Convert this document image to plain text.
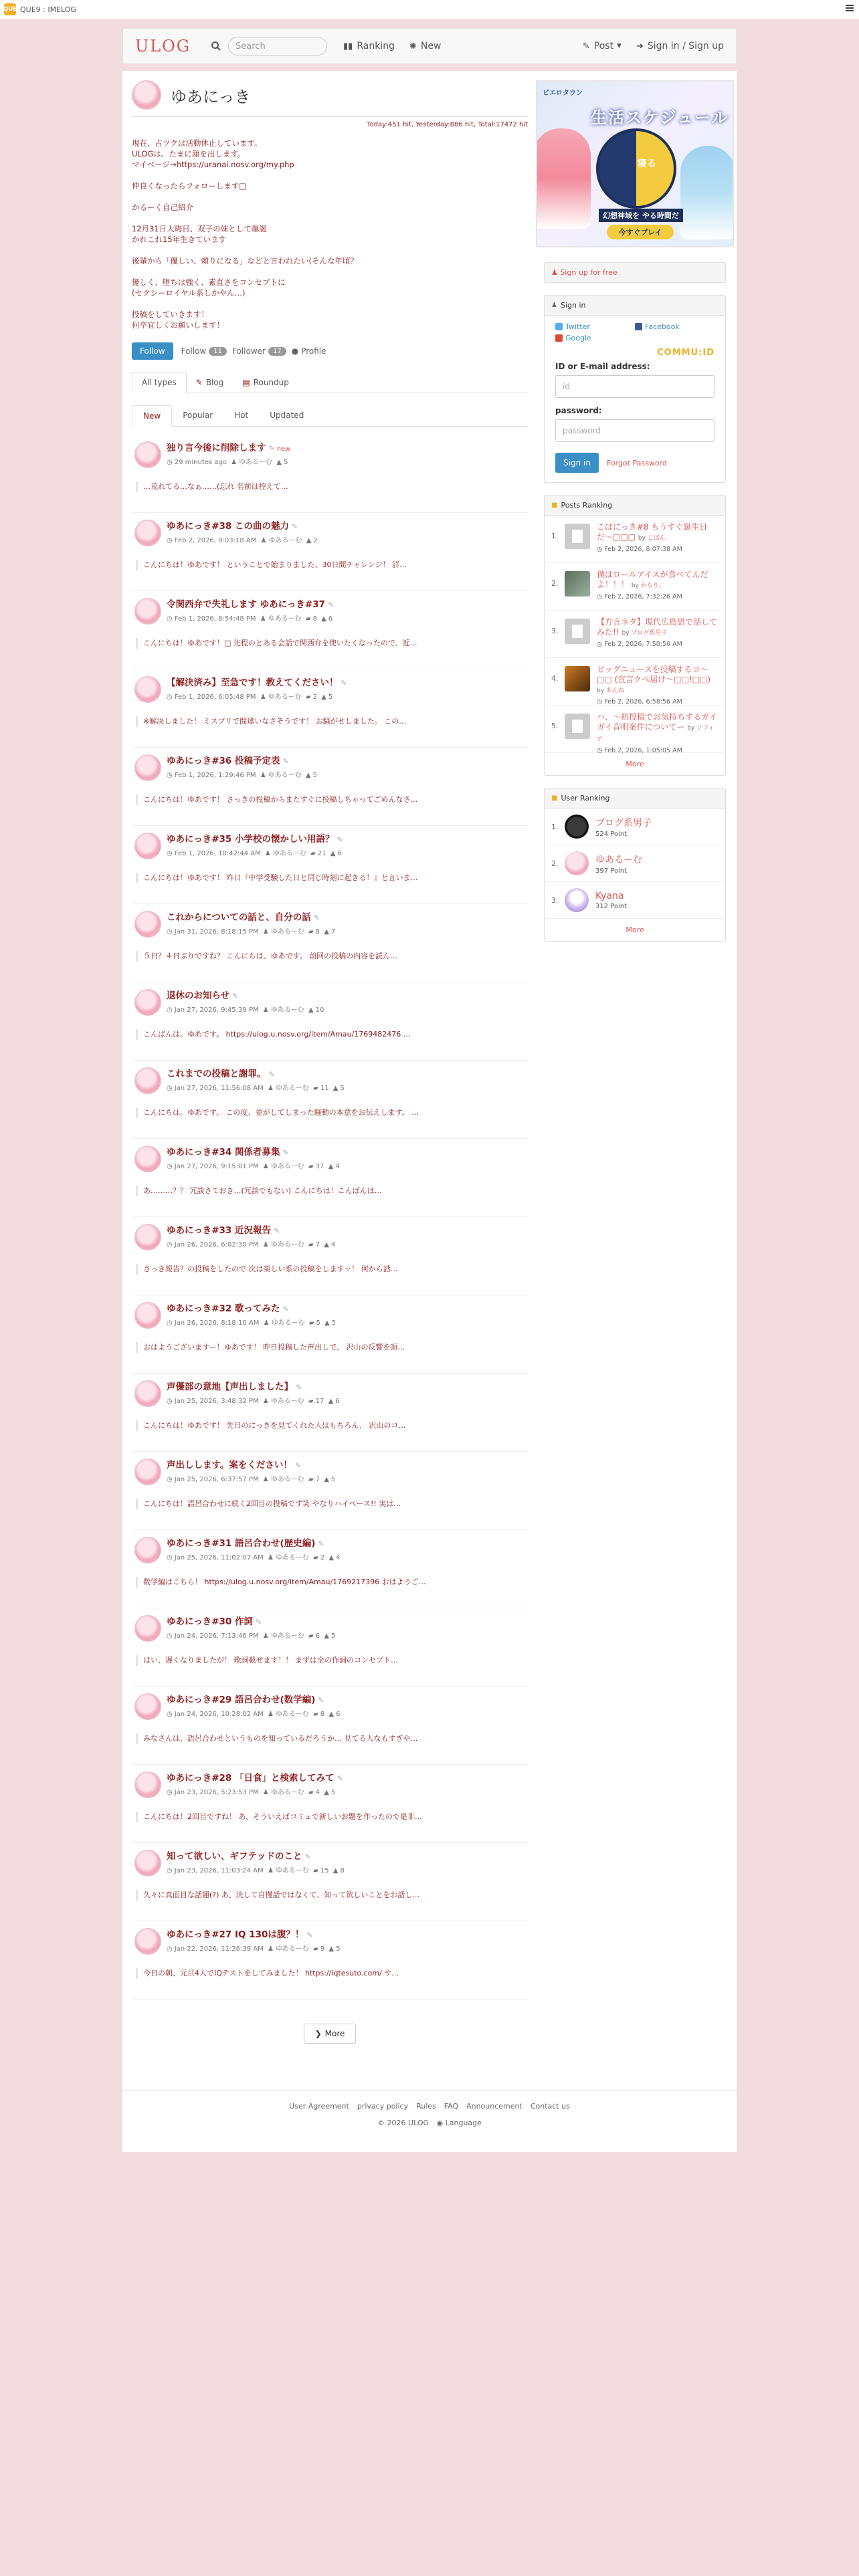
QUE QUE9 : IMELOG
ULOG	Search	▮▮ Ranking ✺ New	✎ Post ▼ ➜ Sign in / Sign up
ゆあにっき
Today:451 hit, Yesterday:886 hit, Total:17472 hit
現在、占ツクは活動休止しています。
ULOGは、たまに顔を出します。
マイページ→https://uranai.nosv.org/my.php

仲良くなったらフォローします□

かるーく自己紹介

12月31日大晦日、双子の妹として爆誕
かれこれ15年生きています

後輩から「優しい、頼りになる」などと言われたい(そんな年頃？

優しく、堕ちは強く、素直さをコンセプトに
(セクシーロイヤル系しかやん…)

投稿をしていきます！
何卒宜しくお願いします！
Follow	Follow	11	Follower	17	● Profile
All types ✎ Blog ▤ Roundup
New	Popular	Hot	Updated
独り言今後に削除します ✎ new
◷ 29 minutes ago ♟ ゆあるーむ ▲ 5
…荒れてる…なぁ……(忘れ 名前は控えて…
ゆあにっき#38 この曲の魅力 ✎
◷ Feb 2, 2026, 9:03:18 AM ♟ ゆあるーむ ▲ 2
こんにちは！ゆあです！ ということで始まりました、30日間チャレンジ！ 詳…
令関西弁で失礼します ゆあにっき#37 ✎
◷ Feb 1, 2026, 8:54:48 PM ♟ ゆあるーむ ▰ 8 ▲ 6
こんにちは！ゆあです！□ 先程のとある会話で関西弁を使いたくなったので、近…
【解決済み】至急です！教えてください！ ✎
◷ Feb 1, 2026, 6:05:48 PM ♟ ゆあるーむ ▰ 2 ▲ 5
※解決しました！ ミスプリで間違いなさそうです！ お騒がせしました。 この…
ゆあにっき#36 投稿予定表 ✎
◷ Feb 1, 2026, 1:29:46 PM ♟ ゆあるーむ ▲ 5
こんにちは！ゆあです！ さっきの投稿からまたすぐに投稿しちゃってごめんなさ…
ゆあにっき#35 小学校の懐かしい用語？ ✎
◷ Feb 1, 2026, 10:42:44 AM ♟ ゆあるーむ ▰ 21 ▲ 6
こんにちは！ゆあです！ 昨日『中学受験した日と同じ時刻に起きる！』と言いま…
これからについての話と、自分の話 ✎
◷ Jan 31, 2026, 8:18:15 PM ♟ ゆあるーむ ▰ 8 ▲ 7
５日？４日ぶりですね？ こんにちは、ゆあです。 前回の投稿の内容を読ん…
退休のお知らせ ✎
◷ Jan 27, 2026, 9:45:39 PM ♟ ゆあるーむ ▲ 10
こんばんは。ゆあです。 https://ulog.u.nosv.org/item/Amau/1769482476 …
これまでの投稿と謝罪。 ✎
◷ Jan 27, 2026, 11:56:08 AM ♟ ゆあるーむ ▰ 11 ▲ 5
こんにちは。ゆあです。 この度、並がしてしまった騒動の本意をお伝えします。 …
ゆあにっき#34 関係者募集 ✎
◷ Jan 27, 2026, 9:15:01 PM ♟ ゆあるーむ ▰ 37 ▲ 4
あ………？？ 冗談さておき…(冗談でもない) こんにちは！こんばんは…
ゆあにっき#33 近況報告 ✎
◷ Jan 26, 2026, 6:02:30 PM ♟ ゆあるーむ ▰ 7 ▲ 4
さっき報告？の投稿をしたので 次は楽しい系の投稿をしますッ！ 何から話…
ゆあにっき#32 歌ってみた ✎
◷ Jan 26, 2026, 8:18:10 AM ♟ ゆあるーむ ▰ 5 ▲ 5
おはようございますー！ゆあです！ 昨日投稿した声出しで、 沢山の反響を頂…
声優部の意地【声出しました】 ✎
◷ Jan 25, 2026, 3:48:32 PM ♟ ゆあるーむ ▰ 17 ▲ 6
こんにちは！ゆあです！ 先日のにっきを見てくれた人はもちろん、 沢山のコ…
声出しします。案をください！ ✎
◷ Jan 25, 2026, 6:37:57 PM ♟ ゆあるーむ ▰ 7 ▲ 5
こんにちは！語呂合わせに続く2回目の投稿です笑 やなりハイペース!! 実は…
ゆあにっき#31 語呂合わせ(歴史編) ✎
◷ Jan 25, 2026, 11:02:07 AM ♟ ゆあるーむ ▰ 2 ▲ 4
数学編はこちら！ https://ulog.u.nosv.org/item/Amau/1769217396 おはようご…
ゆあにっき#30 作詞 ✎
◷ Jan 24, 2026, 7:13:46 PM ♟ ゆあるーむ ▰ 6 ▲ 5
はい、遅くなりましたが！ 歌詞載せます！！ まずは全の作詞のコンセプト…
ゆあにっき#29 語呂合わせ(数学編) ✎
◷ Jan 24, 2026, 10:28:02 AM ♟ ゆあるーむ ▰ 8 ▲ 6
みなさんは、語呂合わせというものを知っているだろうか… 見てる人なもすぎや…
ゆあにっき#28 「日食」と検索してみて ✎
◷ Jan 23, 2026, 5:23:53 PM ♟ ゆあるーむ ▰ 4 ▲ 5
こんにちは！2回目ですね！ あ、そういえばコミュで新しいお題を作ったので是非…
知って欲しい、ギフテッドのこと ✎
◷ Jan 23, 2026, 11:03:24 AM ♟ ゆあるーむ ▰ 15 ▲ 8
久々に真面目な話題(?) あ、決して自慢話ではなくて、知って欲しいことをお話し…
ゆあにっき#27 IQ 130は腹？！ ✎
◷ Jan 22, 2026, 11:26:39 AM ♟ ゆあるーむ ▰ 9 ▲ 5
今日の朝、元旦4人でIQテストをしてみました！ https://iqtesuto.com/ サ…
❯ More
ピエロタウン
生活スケジュール
寝る
幻想神域を やる時間だ
今すぐプレイ
♟ Sign up for free
♟ Sign in
Twitter	Facebook
Google
COMMU:ID
ID or E-mail address:
id
password:
password
Sign in	Forgot Password
■ Posts Ranking
1.
こばにっき#8 もうすぐ誕生日だ〜□□□ by こばん
◷ Feb 2, 2026, 8:07:38 AM
2.
僕はロールアイスが食べてんだよ！！！ by からり。
◷ Feb 2, 2026, 7:32:26 AM
3.
【方言ネタ】現代広島語で話してみた!! by ブログ系男子
◷ Feb 2, 2026, 7:50:50 AM
4.
ビッグニュースを投稿するヨ〜□□ (宣言クべ届け〜□□!□□) by あんね
◷ Feb 2, 2026, 6:58:56 AM
5.
ハ、〜初投稿でお気持ちするガイガイ音咀案件についてー by ソフィア
◷ Feb 2, 2026, 1:05:05 AM
More
■ User Ranking
1.	ブログ系男子
524 Point
2.	ゆあるーむ
397 Point
3.	Kyana
312 Point
More
User Agreement privacy policy Rules FAQ Announcement Contact us
© 2026 ULOG ◉ Language
